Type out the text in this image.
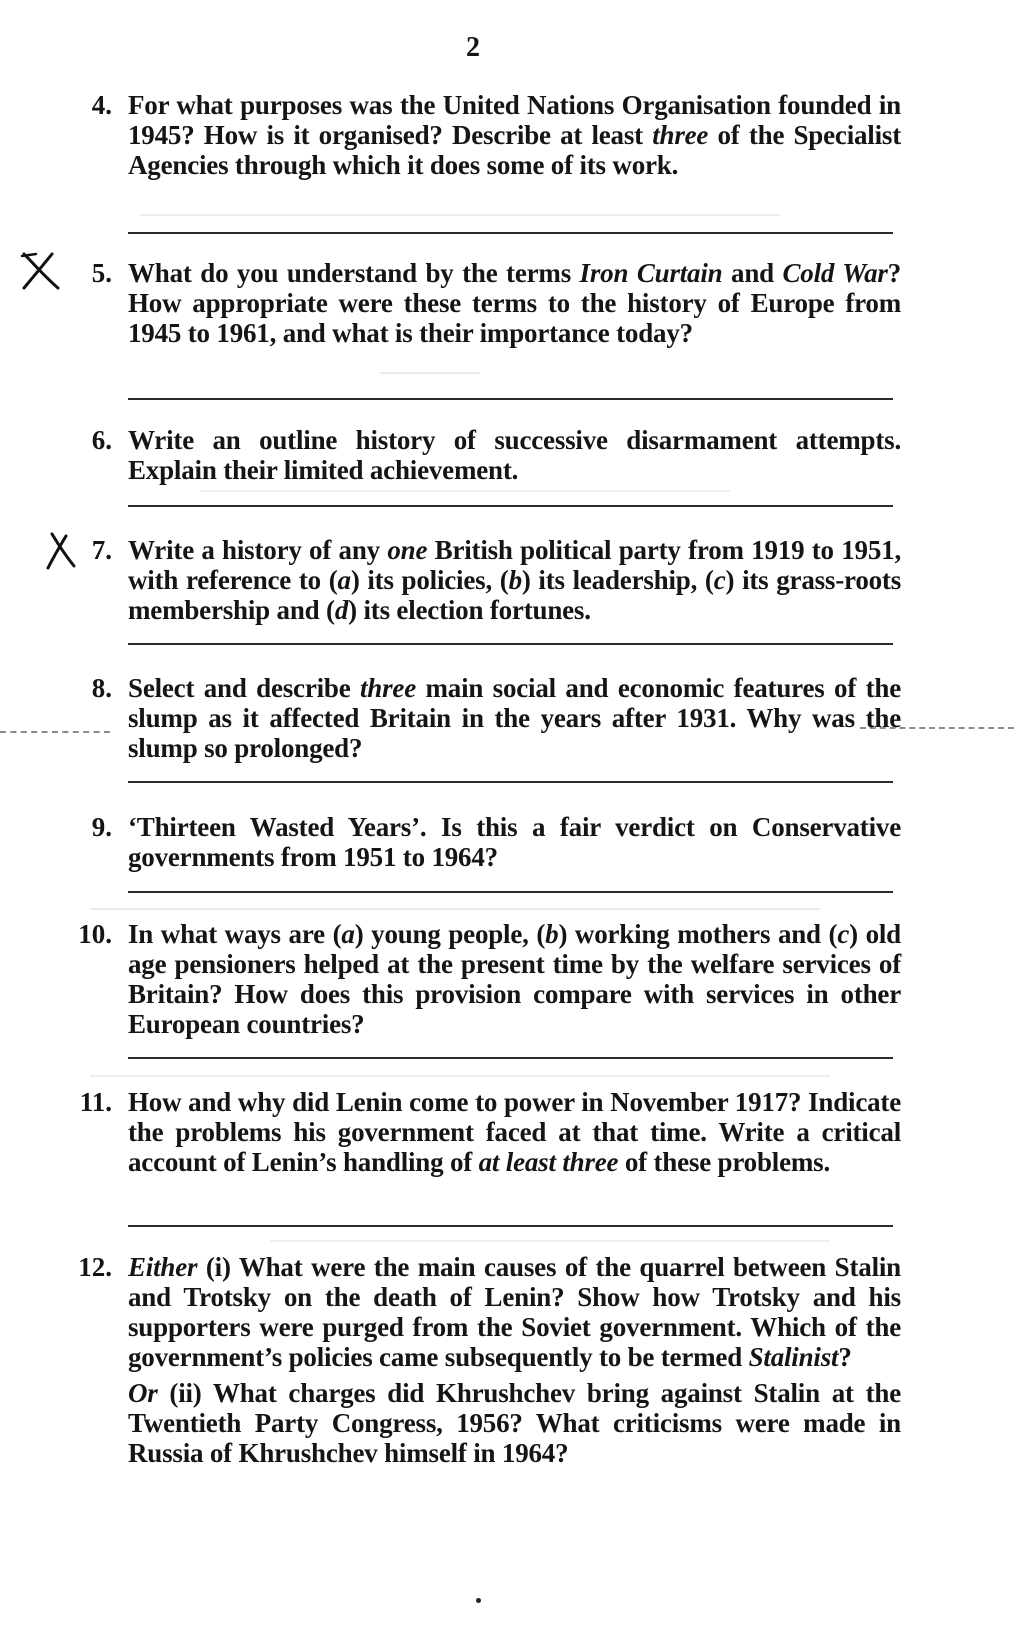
2
4. For what purposes was the United Nations Organisation founded in 1945? How is it organised? Describe at least three of the Specialist Agencies through which it does some of its work.
5. What do you understand by the terms Iron Curtain and Cold War? How appropriate were these terms to the history of Europe from 1945 to 1961, and what is their importance today?
6. Write an outline history of successive disarmament attempts. Explain their limited achievement.
7. Write a history of any one British political party from 1919 to 1951, with reference to (a) its policies, (b) its leadership, (c) its grass-roots membership and (d) its election fortunes.
8. Select and describe three main social and economic features of the slump as it affected Britain in the years after 1931. Why was the slump so prolonged?
9. ‘Thirteen Wasted Years’. Is this a fair verdict on Conservative governments from 1951 to 1964?
10. In what ways are (a) young people, (b) working mothers and (c) old age pensioners helped at the present time by the welfare services of Britain? How does this provision compare with services in other European countries?
11. How and why did Lenin come to power in November 1917? Indicate the problems his government faced at that time. Write a critical account of Lenin’s handling of at least three of these problems.
12. Either (i) What were the main causes of the quarrel between Stalin and Trotsky on the death of Lenin? Show how Trotsky and his supporters were purged from the Soviet government. Which of the government’s policies came subsequently to be termed Stalinist?
Or (ii) What charges did Khrushchev bring against Stalin at the Twentieth Party Congress, 1956? What criticisms were made in Russia of Khrushchev himself in 1964?
